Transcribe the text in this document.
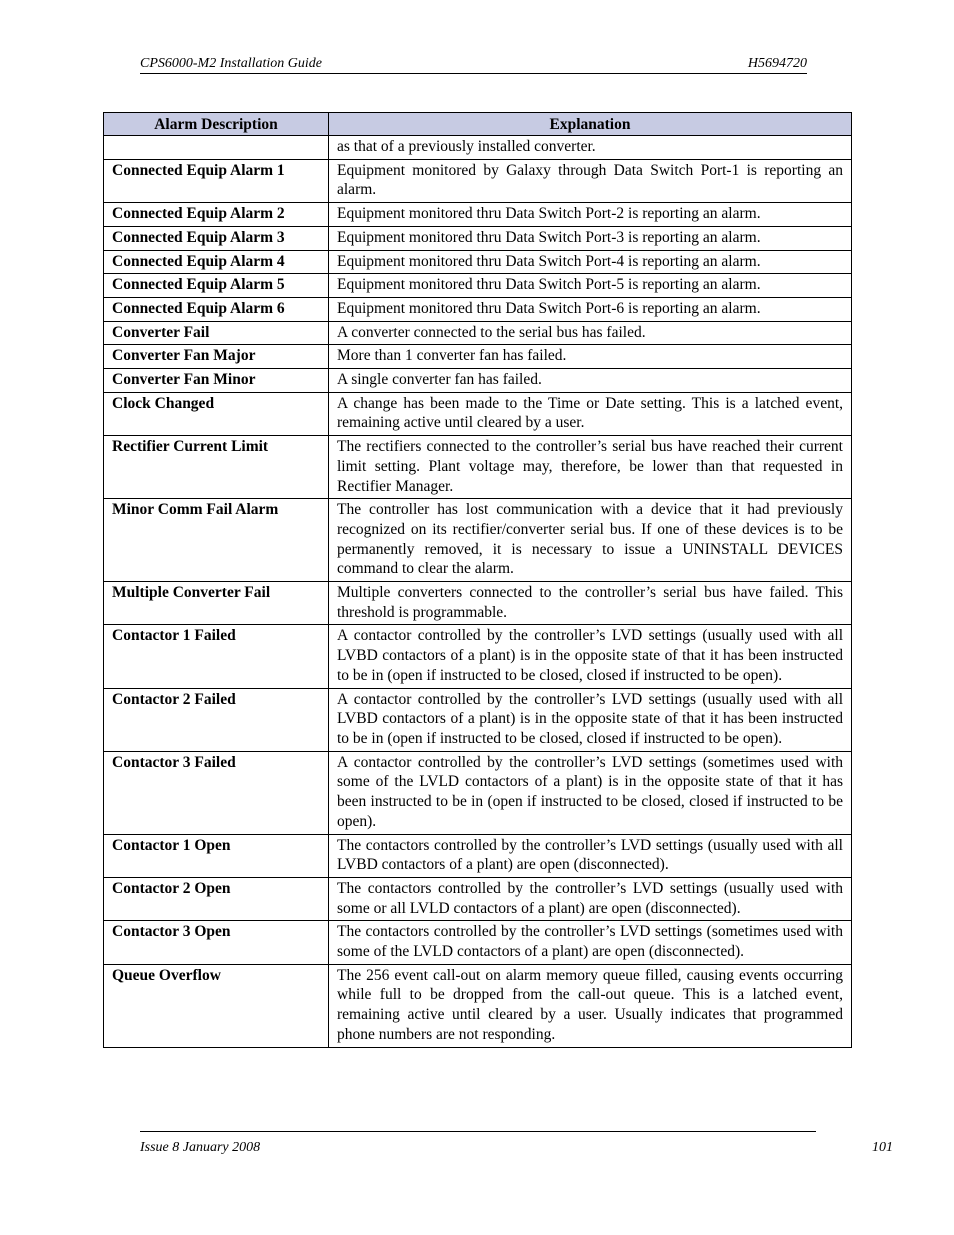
CPS6000-M2 Installation Guide	H5694720
Alarm Description	Explanation
	as that of a previously installed converter.
Connected Equip Alarm 1	Equipment monitored by Galaxy through Data Switch Port-1 is reporting an alarm.
Connected Equip Alarm 2	Equipment monitored thru Data Switch Port-2 is reporting an alarm.
Connected Equip Alarm 3	Equipment monitored thru Data Switch Port-3 is reporting an alarm.
Connected Equip Alarm 4	Equipment monitored thru Data Switch Port-4 is reporting an alarm.
Connected Equip Alarm 5	Equipment monitored thru Data Switch Port-5 is reporting an alarm.
Connected Equip Alarm 6	Equipment monitored thru Data Switch Port-6 is reporting an alarm.
Converter Fail	A converter connected to the serial bus has failed.
Converter Fan Major	More than 1 converter fan has failed.
Converter Fan Minor	A single converter fan has failed.
Clock Changed	A change has been made to the Time or Date setting. This is a latched event, remaining active until cleared by a user.
Rectifier Current Limit	The rectifiers connected to the controller’s serial bus have reached their current limit setting. Plant voltage may, therefore, be lower than that requested in Rectifier Manager.
Minor Comm Fail Alarm	The controller has lost communication with a device that it had previously recognized on its rectifier/converter serial bus. If one of these devices is to be permanently removed, it is necessary to issue a UNINSTALL DEVICES command to clear the alarm.
Multiple Converter Fail	Multiple converters connected to the controller’s serial bus have failed. This threshold is programmable.
Contactor 1 Failed	A contactor controlled by the controller’s LVD settings (usually used with all LVBD contactors of a plant) is in the opposite state of that it has been instructed to be in (open if instructed to be closed, closed if instructed to be open).
Contactor 2 Failed	A contactor controlled by the controller’s LVD settings (usually used with all LVBD contactors of a plant) is in the opposite state of that it has been instructed to be in (open if instructed to be closed, closed if instructed to be open).
Contactor 3 Failed	A contactor controlled by the controller’s LVD settings (sometimes used with some of the LVLD contactors of a plant) is in the opposite state of that it has been instructed to be in (open if instructed to be closed, closed if instructed to be open).
Contactor 1 Open	The contactors controlled by the controller’s LVD settings (usually used with all LVBD contactors of a plant) are open (disconnected).
Contactor 2 Open	The contactors controlled by the controller’s LVD settings (usually used with some or all LVLD contactors of a plant) are open (disconnected).
Contactor 3 Open	The contactors controlled by the controller’s LVD settings (sometimes used with some of the LVLD contactors of a plant) are open (disconnected).
Queue Overflow	The 256 event call-out on alarm memory queue filled, causing events occurring while full to be dropped from the call-out queue. This is a latched event, remaining active until cleared by a user. Usually indicates that programmed phone numbers are not responding.
Issue 8 January 2008	101
